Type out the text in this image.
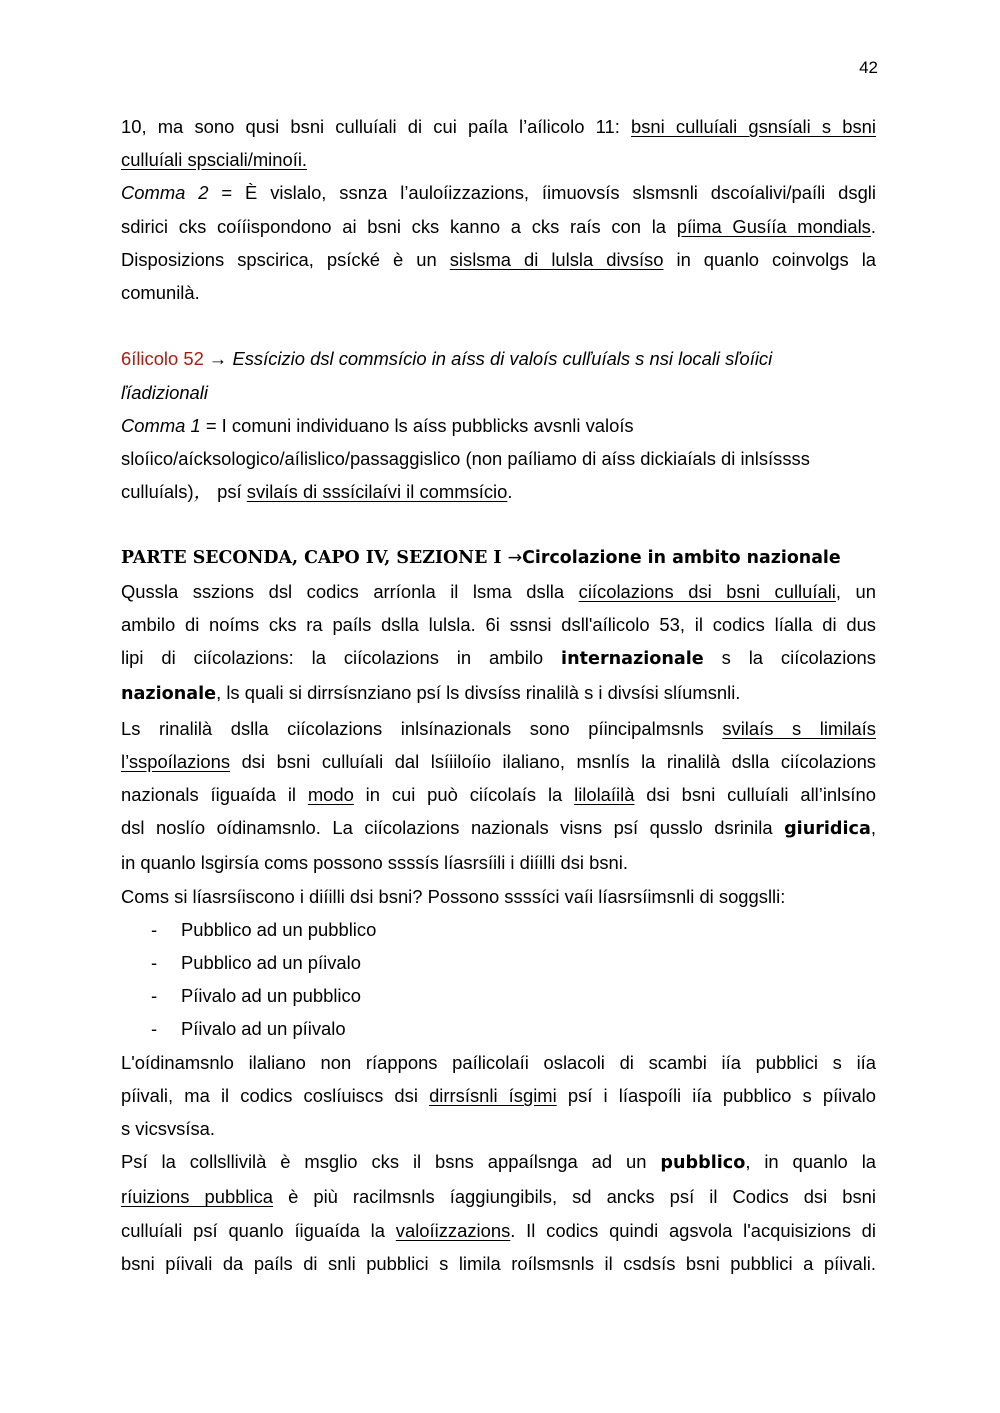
42
10, ma sono qusi bsni culluíali di cui paíla l’aílicolo 11: bsni culluíali gsnsíali s bsni
culluíali spsciali/minoíi.
Comma 2 = È vislalo, ssnza l’auloíizzazions, íimuovsís slsmsnli dscoíalivi/paíli dsgli
sdirici cks coííispondono ai bsni cks kanno a cks raís con la píima Gusíía mondials.
Disposizions spscirica, psícké è un sislsma di lulsla divsíso in quanlo coinvolgs la
comunilà.
6ílicolo 52 → Essícizio dsl commsício in aíss di valoís culľuíals s nsi locali sľoíici
ľíadizionali
Comma 1 = I comuni individuano ls aíss pubblicks avsnli valoís
sloíico/aícksologico/aílislico/passaggislico (non paíliamo di aíss dickiaíals di inlsíssss
culluíals)， psí svilaís di sssícilaívi il commsício.
PARTE SECONDA, CAPO IV, SEZIONE I →Circolazione in ambito nazionale
Qussla sszions dsl codics arríonla il lsma dslla ciícolazions dsi bsni culluíali, un
ambilo di noíms cks ra paíls dslla lulsla. 6i ssnsi dsll'aílicolo 53, il codics líalla di dus
lipi di ciícolazions: la ciícolazions in ambilo internazionale s la ciícolazions
nazionale, ls quali si dirrsísnziano psí ls divsíss rinalilà s i divsísi slíumsnli.
Ls rinalilà dslla ciícolazions inlsínazionals sono píincipalmsnls svilaís s limilaís
l’sspoílazions dsi bsni culluíali dal lsíiiloíio ilaliano, msnlís la rinalilà dslla ciícolazions
nazionals íiguaída il modo in cui può ciícolaís la lilolaíilà dsi bsni culluíali all’inlsíno
dsl noslío oídinamsnlo. La ciícolazions nazionals visns psí qusslo dsrinila giuridica,
in quanlo lsgirsía coms possono ssssís líasrsíili i diíilli dsi bsni.
Coms si líasrsíiscono i diíilli dsi bsni? Possono ssssíci vaíi líasrsíimsnli di soggslli:
- Pubblico ad un pubblico
- Pubblico ad un píivalo
- Píivalo ad un pubblico
- Píivalo ad un píivalo
L'oídinamsnlo ilaliano non ríappons paílicolaíi oslacoli di scambi iía pubblici s iía
píivali, ma il codics coslíuiscs dsi dirrsísnli ísgimi psí i líaspoíli iía pubblico s píivalo
s vicsvsísa.
Psí la collsllivilà è msglio cks il bsns appaílsnga ad un pubblico, in quanlo la
ríuizions pubblica è più racilmsnls íaggiungibils, sd ancks psí il Codics dsi bsni
culluíali psí quanlo íiguaída la valoíizzazions. Il codics quindi agsvola l'acquisizions di
bsni píivali da paíls di snli pubblici s limila roílsmsnls il csdsís bsni pubblici a píivali.
